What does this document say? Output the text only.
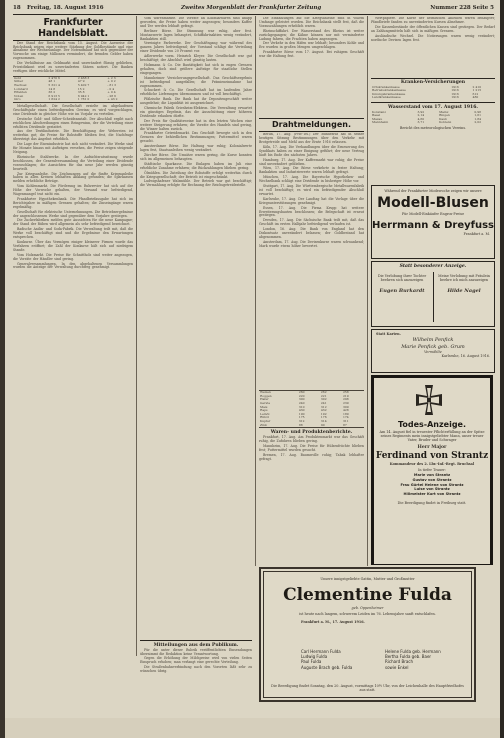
18 Freitag, 18. August 1916	Zweites Morgenblatt der Frankfurter Zeitung	Nummer 228 Seite 5
Frankfurter Handelsblatt.

Der Stand der Reichsbank vom 15. August. Die Ausweise der Reichsbank zeigen eine weitere Stärkung der Goldbestände und eine Abnahme der Wechselanlage. Der Notenumlauf hat sich gegenüber der Vorwoche um einige Millionen vermindert, die fremden Gelder haben zugenommen.

Die Verhältnisse am Geldmarkt sind unverändert flüssig geblieben, Privatdiskont wird zu unveränderten Sätzen notiert. Die Banken verfügen über reichliche Mittel.

Gold	2 470 6	2 468 3	+ 2 3
Silber	48 1	47 9	+ 0 2
Wechsel	5 321 4	5 402 7	- 81 3
Lombard	14 8	15 2	- 0 4
Effekten	36 2	35 8	+ 0 4
Noten	6 913 5	6 942 1	- 28 6
Giro	1 824 2	1 781 0	+ 43 2

Metallgesellschaft. Die Gesellschaft erzielte im abgelaufenen Geschäftsjahr einen befriedigenden Gewinn; es wird vorgeschlagen, eine Dividende in gleicher Höhe wie im Vorjahr zu verteilen.

Deutsche Gold- und Silber-Scheideanstalt. Der Abschluß ergibt nach reichlichen Abschreibungen einen Reingewinn, der die Verteilung einer erhöhten Dividende gestattet.

Aus der Textilindustrie. Die Beschäftigung der Webereien ist weiterhin gut; die Preise für Rohstoffe bleiben fest, die Nachfrage übersteigt das Angebot erheblich.

Die Lage der Eisenindustrie hat sich nicht verändert. Die Werke sind für Monate hinaus mit Aufträgen versehen, die Preise zeigen steigende Neigung.

Rheinische Stahlwerke. In der Aufsichtsratssitzung wurde beschlossen, der Generalversammlung die Verteilung einer Dividende vorzuschlagen; die Aussichten für das neue Jahr werden günstig beurteilt.

Zur Kriegsanleihe. Die Zeichnungen auf die fünfte Kriegsanleihe haben in allen Kreisen lebhaften Anklang gefunden; die Sparkassen melden erhebliche Beträge.

Vom Kohlenmarkt. Die Förderung im Ruhrrevier hat sich auf der Höhe der Vorwoche gehalten, der Versand war befriedigend, Wagenmangel trat nicht ein.

Frankfurter Hypothekenbank. Die Pfandbriefausgabe hat sich im Berichtsjahre in mäßigen Grenzen gehalten; die Zinseingänge waren regelmäßig.

Gesellschaft für elektrische Unternehmungen. Die Betriebsergebnisse der angeschlossenen Werke sind gegenüber dem Vorjahre gestiegen.

Die Zuckerfabriken melden gute Aussichten für die neue Kampagne; der Stand der Rüben wird allgemein als sehr befriedigend bezeichnet.

Badische Anilin- und Soda-Fabrik. Die Verwaltung teilt mit, daß die Werke voll beschäftigt sind und die Ergebnisse den Erwartungen entsprechen.

Konkurse. Über das Vermögen einiger kleinerer Firmen wurde das Verfahren eröffnet; die Zahl der Konkurse hält sich auf niedrigem Stande.

Vom Holzmarkt. Die Preise für Schnittholz sind weiter angezogen, die Vorräte der Händler sind gering.

Generalversammlungen. In den abgehaltenen Versammlungen wurden die Anträge der Verwaltung durchweg genehmigt.

Vom Warenmarkte. Die Vorräte an Kolonialwaren sind knapp geworden, die Preise haben weiter angezogen; besonders Kaffee und Tee werden lebhaft gefragt.

Berliner Börse. Die Stimmung war ruhig, aber fest. Montanwerte lagen behauptet, Schiffahrtsaktien wenig verändert, Bankaktien still.

Vereinigte Farbwerke. Der Geschäftsgang war während des ganzen Jahres befriedigend; der Vorstand schlägt die Verteilung einer Dividende von 20 Prozent vor.

Adlerwerke vorm. Heinrich Kleyer. Die Gesellschaft war gut beschäftigt; der Abschluß wird günstig lauten.

Holzmann & Co. Die Bautätigkeit hat sich in engen Grenzen gehalten, doch sind größere Aufträge für staatliche Stellen eingegangen.

Mannheimer Versicherungsgesellschaft. Das Geschäftsergebnis ist befriedigend ausgefallen; die Prämieneinnahme hat zugenommen.

Schuckert & Co. Die Gesellschaft hat im laufenden Jahre erhebliche Lieferungen übernommen und ist voll beschäftigt.

Pfälzische Bank. Die Bank hat ihr Depositengeschäft weiter ausgedehnt; die Liquidität ist ausgezeichnet.

Chemische Fabrik Griesheim-Elektron. Die Verwaltung erwartet ein günstiges Ergebnis, das die Ausschüttung einer höheren Dividende erlauben dürfte.

Der Preis für Qualitätsweine hat in den letzten Wochen eine weitere Steigerung erfahren; die Vorräte des Handels sind gering, die Winzer halten zurück.

Frankfurter Getreidemarkt. Das Geschäft bewegte sich in den Grenzen der behördlichen Bestimmungen; Futtermittel waren gesucht.

Amsterdamer Börse. Die Haltung war ruhig; Kolonialwerte lagen fest, Staatsanleihen wenig verändert.

Zürcher Börse. Die Umsätze waren gering, die Kurse konnten sich im allgemeinen behaupten.

Städtische Sparkasse. Die Einlagen haben im Juli eine erhebliche Zunahme erfahren; die Rückzahlungen blieben gering.

Ölmühlen. Die Zuteilung der Rohstoffe erfolgt weiterhin durch die Kriegsgesellschaft; der Betrieb ist eingeschränkt.

Ludwigshafener Walzmühle. Der Betrieb war gut beschäftigt; die Vermahlung erfolgte für Rechnung der Reichsgetreidestelle.

Die Einzahlungen auf die Kriegsanleihe sind in vollem Umfange geleistet worden. Die Reichsbank stellt fest, daß die Vorauszahlungen erheblich waren.

Rheinschiffahrt. Der Wasserstand des Rheins ist weiter zurückgegangen; die Kähne können nur mit verminderter Ladung fahren, die Frachten haben angezogen.

Der Verkehr in den Häfen war lebhaft; besonders Kohle und Erz wurden in großen Mengen umgeschlagen.

Frankfurter Börse vom 17. August. Bei ruhigem Geschäft war die Haltung fest.

Drahtmeldungen.

Berlin, 17. Aug. (Priv.-Tel.) Der Bundesrat hat in seiner heutigen Sitzung Bestimmungen über den Verkehr mit Brotgetreide und Mehl aus der Ernte 1916 erlassen.

Köln, 17. Aug. Die Verhandlungen über die Erneuerung des Syndikats haben zu einer Einigung geführt; der neue Vertrag läuft bis Ende des nächsten Jahres.

Hamburg, 17. Aug. Der Kaffeemarkt war ruhig; die Preise sind unverändert geblieben.

Wien, 17. Aug. Die Börse verkehrte in fester Haltung; Bankaktien und Industriewerte waren lebhaft gefragt.

München, 17. Aug. Die Bayerische Hypotheken- und Wechselbank schlägt eine Dividende in bisheriger Höhe vor.

Stuttgart, 17. Aug. Die Württembergische Metallwarenfabrik ist voll beschäftigt; es wird ein befriedigender Abschluß erwartet.

Karlsruhe, 17. Aug. Der Landtag hat die Vorlage über die Kriegsunterstützungen genehmigt.

Essen, 17. Aug. Die Firma Krupp hat weitere Erweiterungsbauten beschlossen; die Belegschaft ist erneut gestiegen.

Dresden, 17. Aug. Die Sächsische Bank teilt mit, daß das Geschäft im ersten Halbjahr befriedigend verlaufen ist.

London, 16. Aug. Die Bank von England hat den Diskontsatz unverändert belassen; der Goldbestand hat abgenommen.

Amsterdam, 17. Aug. Die Devisenkurse waren schwankend; Mark wurde etwas höher bewertet.

Weizen	260	262	258
Roggen	220	221	219
Hafer	300	302	298
Gerste	240	241	239
Mais	310	312	309
Raps	430	432	428
Leinöl	190	192	189
Rüböl	175	176	174
Kupfer	312	314	311
Zink	88	90	87
Waren- und Produktenberichte.

Frankfurt, 17. Aug. Am Produktenmarkt war das Geschäft ruhig, die Zufuhren blieben gering.

Mannheim, 17. Aug. Die Preise für Hülsenfrüchte blieben fest; Futtermittel wurden gesucht.

Bremen, 17. Aug. Baumwolle ruhig; Tabak lebhafter gefragt.

Wertpapiere. Die Kurse der heimischen Anleihen waren behauptet; Pfandbriefe fanden zu unveränderten Kursen Abnehmer.

Die Kassenbestände der öffentlichen Kassen sind gestiegen. Der Bedarf an Zahlungsmitteln hält sich in mäßigen Grenzen.

Ausländische Wechsel. Die Notierungen waren wenig verändert; nordische Devisen lagen fest.

Kranken-Versicherungen
Ortskrankenkasse	1916	2 410
Betriebskrankenkasse	1916	1 215
Innungskrankenkasse	1916	612
Landkrankenkasse	1916	480
Wasserstand vom 17. August 1916.
Konstanz	3,92	Mainz	0,98
Basel	2,14	Bingen	1,61
Maxau	4,60	Kaub	1,84
Mannheim	3,71	Koblenz	2,02
Bericht des meteorologischen Vereins.
Während der Frankfurter Modewoche zeigen wir unsere
Modell-Blusen
Für Modell-Einkäufer Engros-Preise
Herrmann & Dreyfuss
Frankfurt a. M.
Statt besonderer Anzeige.
Die Verlobung ihrer Tochter beehren sich anzuzeigen
Eugen Burkardt
Meine Verlobung mit Fräulein beehre ich mich anzuzeigen
Hilde Nagel
Statt Karten.
Wilhelm Penfick
Marie Penfick geb. Grum
Vermählte
Karlsruhe, 16. August 1916.
Todes-Anzeige.
Am 14. August fiel in treuester Pflichterfüllung an der Spitze seines Regiments mein innigstgeliebter Mann, unser treuer Vater, Bruder und Schwager
Herr Major
Ferdinand von Strantz
Kommandeur des 2. Lbr.-Inf.-Regt. Bruchsal
In tiefer Trauer:
Marie von Strantz
Gustav von Strantz
Frau Gürtel Helene von Strantz
Luise von Strantz
Hillmeister Kurt von Strantz
Die Beerdigung findet in Freiburg statt.
Mitteilungen aus dem Publikum.

Für die unter dieser Rubrik veröffentlichten Einsendungen übernimmt die Redaktion keine Verantwortung.

Gegen die Erhöhung der Milchpreise wird von vielen Seiten Einspruch erhoben; man verlangt eine gerechte Verteilung.

Die Straßenbahnverbindung nach den Vororten läßt sehr zu wünschen übrig.

Unsere innigstgeliebte Gattin, Mutter und Großmutter
Clementine Fulda
geb. Oppenheimer
ist heute nach langem, schwerem Leiden im 76. Lebensjahre sanft entschlafen.
Frankfurt a. M., 17. August 1916.
Carl Hermann Fulda
Ludwig Fulda
Paul Fulda
Auguste Brach geb. Fulda
Helene Fulda geb. Hermann
Bertha Fulda geb. Baer
Richard Brach
sowie Enkel
Die Beerdigung findet Sonntag, den 20. August, vormittags 10½ Uhr, von der Leichenhalle des Hauptfriedhofes aus statt.
